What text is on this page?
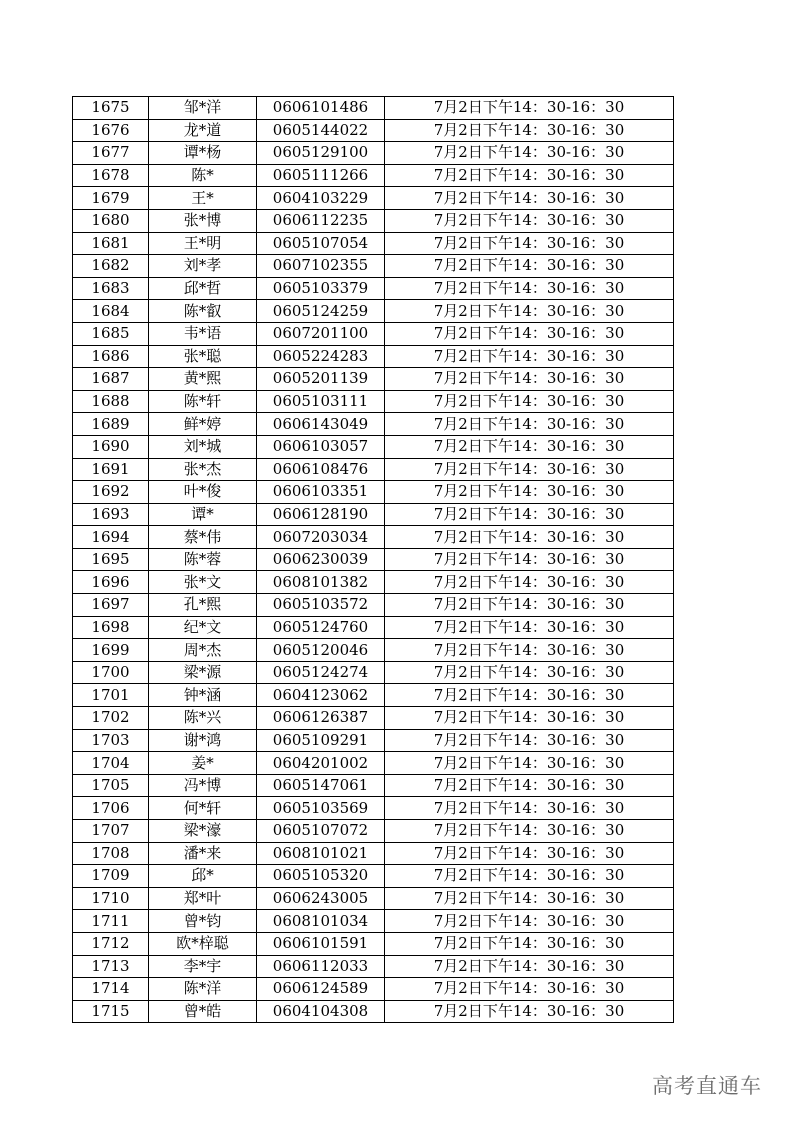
1675	邹*洋	0606101486	7月2日下午14：30-16：30
1676	龙*道	0605144022	7月2日下午14：30-16：30
1677	谭*杨	0605129100	7月2日下午14：30-16：30
1678	陈*	0605111266	7月2日下午14：30-16：30
1679	王*	0604103229	7月2日下午14：30-16：30
1680	张*博	0606112235	7月2日下午14：30-16：30
1681	王*明	0605107054	7月2日下午14：30-16：30
1682	刘*孝	0607102355	7月2日下午14：30-16：30
1683	邱*哲	0605103379	7月2日下午14：30-16：30
1684	陈*叡	0605124259	7月2日下午14：30-16：30
1685	韦*语	0607201100	7月2日下午14：30-16：30
1686	张*聪	0605224283	7月2日下午14：30-16：30
1687	黄*熙	0605201139	7月2日下午14：30-16：30
1688	陈*轩	0605103111	7月2日下午14：30-16：30
1689	鲜*婷	0606143049	7月2日下午14：30-16：30
1690	刘*城	0606103057	7月2日下午14：30-16：30
1691	张*杰	0606108476	7月2日下午14：30-16：30
1692	叶*俊	0606103351	7月2日下午14：30-16：30
1693	谭*	0606128190	7月2日下午14：30-16：30
1694	蔡*伟	0607203034	7月2日下午14：30-16：30
1695	陈*蓉	0606230039	7月2日下午14：30-16：30
1696	张*文	0608101382	7月2日下午14：30-16：30
1697	孔*熙	0605103572	7月2日下午14：30-16：30
1698	纪*文	0605124760	7月2日下午14：30-16：30
1699	周*杰	0605120046	7月2日下午14：30-16：30
1700	梁*源	0605124274	7月2日下午14：30-16：30
1701	钟*涵	0604123062	7月2日下午14：30-16：30
1702	陈*兴	0606126387	7月2日下午14：30-16：30
1703	谢*鸿	0605109291	7月2日下午14：30-16：30
1704	姜*	0604201002	7月2日下午14：30-16：30
1705	冯*博	0605147061	7月2日下午14：30-16：30
1706	何*轩	0605103569	7月2日下午14：30-16：30
1707	梁*濠	0605107072	7月2日下午14：30-16：30
1708	潘*来	0608101021	7月2日下午14：30-16：30
1709	邱*	0605105320	7月2日下午14：30-16：30
1710	郑*叶	0606243005	7月2日下午14：30-16：30
1711	曾*钧	0608101034	7月2日下午14：30-16：30
1712	欧*梓聪	0606101591	7月2日下午14：30-16：30
1713	李*宇	0606112033	7月2日下午14：30-16：30
1714	陈*洋	0606124589	7月2日下午14：30-16：30
1715	曾*皓	0604104308	7月2日下午14：30-16：30
高考直通车
